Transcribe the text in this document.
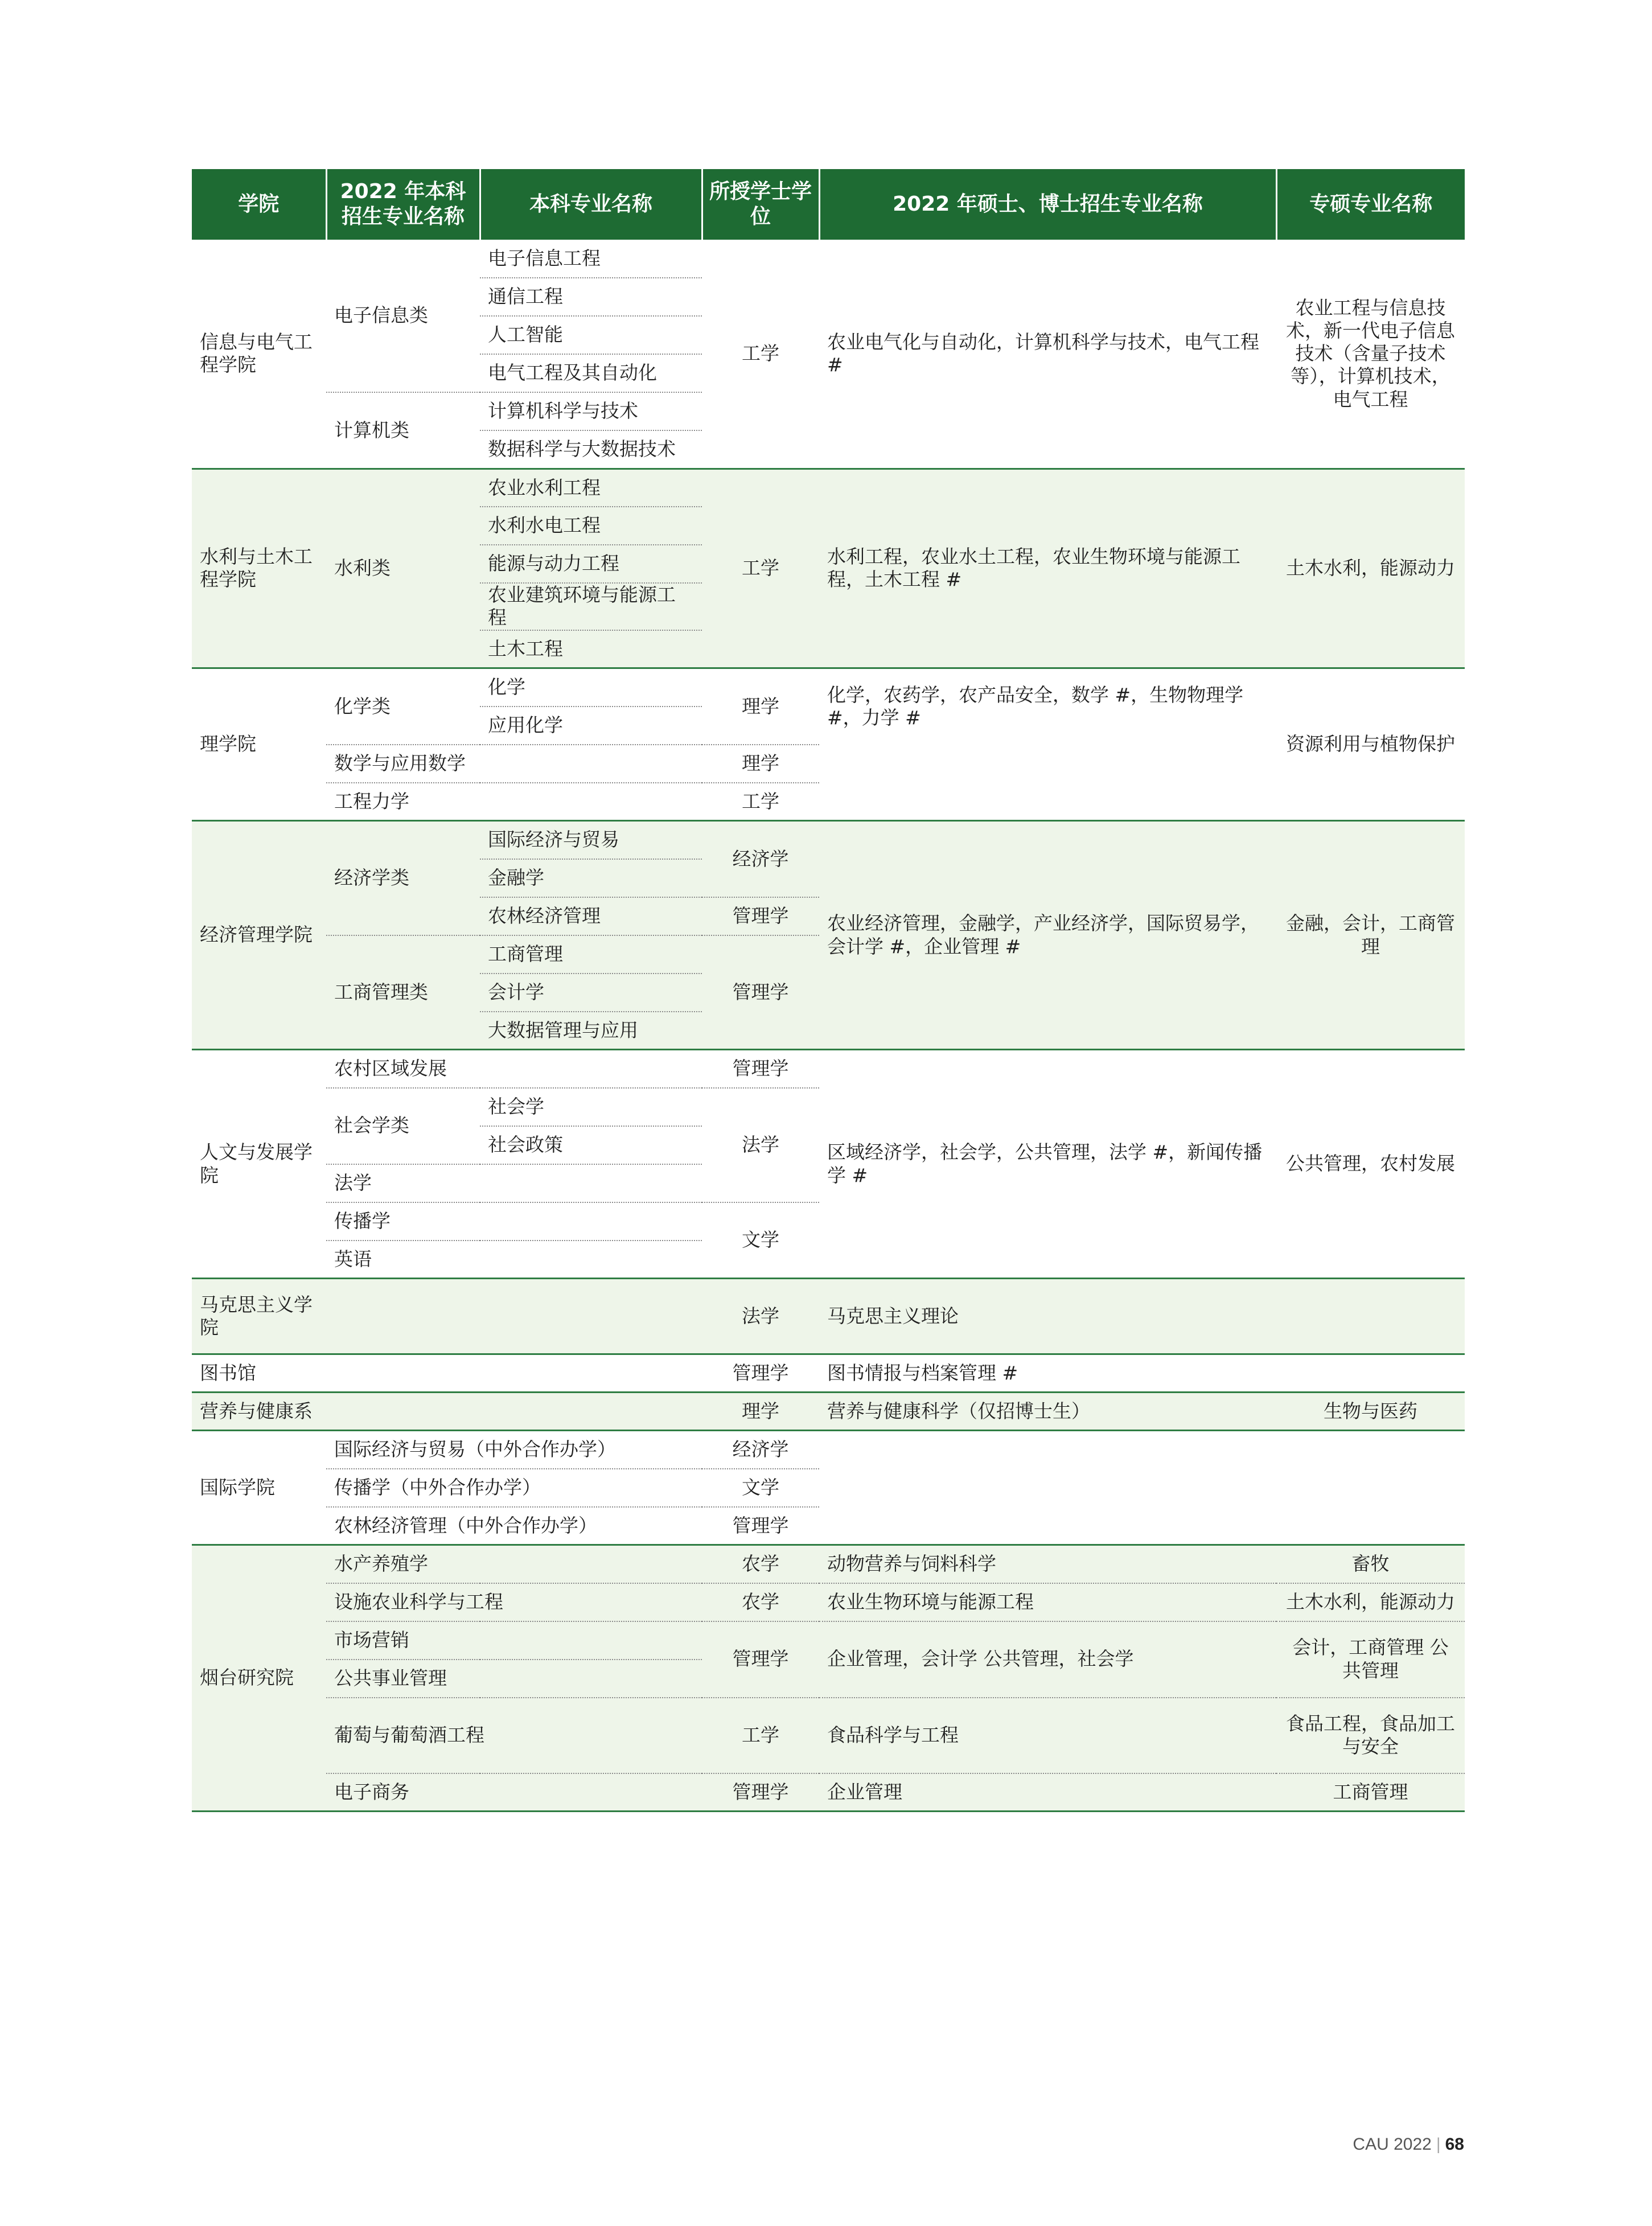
学院	2022 年本科招生专业名称	本科专业名称	所授学士学位	2022 年硕士、博士招生专业名称	专硕专业名称
信息与电气工程学院	电子信息类	电子信息工程	工学	农业电气化与自动化，计算机科学与技术，电气工程 #	农业工程与信息技术，新一代电子信息技术（含量子技术等），计算机技术，电气工程
		通信工程			
		人工智能			
		电气工程及其自动化			
	计算机类	计算机科学与技术			
		数据科学与大数据技术			
水利与土木工程学院	水利类	农业水利工程	工学	水利工程，农业水土工程，农业生物环境与能源工程，土木工程 #	土木水利，能源动力
		水利水电工程			
		能源与动力工程			
		农业建筑环境与能源工程			
		土木工程			
理学院	化学类	化学	理学	化学，农药学，农产品安全，数学 #，生物物理学 #，力学 #	资源利用与植物保护
		应用化学			
	数学与应用数学		理学		
	工程力学		工学		
经济管理学院	经济学类	国际经济与贸易	经济学	农业经济管理，金融学，产业经济学，国际贸易学，会计学 #，企业管理 #	金融，会计，工商管理
		金融学			
		农林经济管理	管理学		
	工商管理类	工商管理	管理学		
		会计学			
		大数据管理与应用			
人文与发展学院	农村区域发展		管理学	区域经济学，社会学，公共管理，法学 #，新闻传播学 #	公共管理，农村发展
	社会学类	社会学	法学		
		社会政策			
	法学				
	传播学		文学		
	英语				
马克思主义学院			法学	马克思主义理论	
图书馆			管理学	图书情报与档案管理 #	
营养与健康系			理学	营养与健康科学（仅招博士生）	生物与医药
国际学院	国际经济与贸易（中外合作办学）		经济学		
	传播学（中外合作办学）		文学		
	农林经济管理（中外合作办学）		管理学		
烟台研究院	水产养殖学		农学	动物营养与饲料科学	畜牧
	设施农业科学与工程		农学	农业生物环境与能源工程	土木水利，能源动力
	市场营销		管理学	企业管理，会计学 公共管理，社会学	会计，工商管理 公共管理
	公共事业管理				
	葡萄与葡萄酒工程		工学	食品科学与工程	食品工程，食品加工与安全
	电子商务		管理学	企业管理	工商管理
CAU 2022 | 68
